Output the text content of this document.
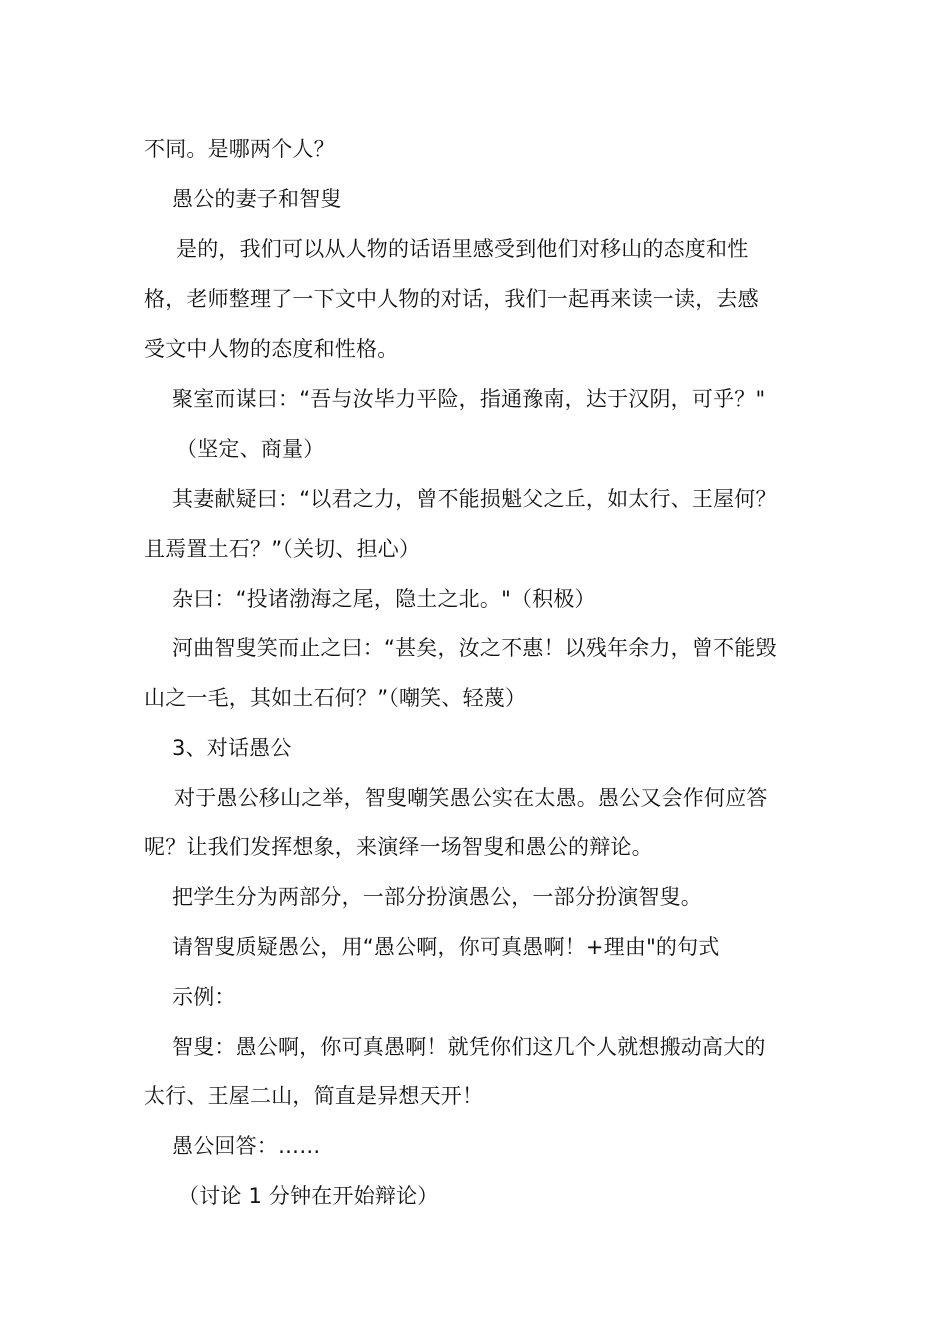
不同。是哪两个人？
愚公的妻子和智叟
是的，我们可以从人物的话语里感受到他们对移山的态度和性
格，老师整理了一下文中人物的对话，我们一起再来读一读，去感
受文中人物的态度和性格。
聚室而谋曰：“吾与汝毕力平险，指通豫南，达于汉阴，可乎？"
（坚定、商量）
其妻献疑曰：“以君之力，曾不能损魁父之丘，如太行、王屋何？
且焉置土石？”（关切、担心）
杂曰：“投诸渤海之尾，隐土之北。"（积极）
河曲智叟笑而止之曰：“甚矣，汝之不惠！以残年余力，曾不能毁
山之一毛，其如土石何？”（嘲笑、轻蔑）
3、对话愚公
对于愚公移山之举，智叟嘲笑愚公实在太愚。愚公又会作何应答
呢？让我们发挥想象，来演绎一场智叟和愚公的辩论。
把学生分为两部分，一部分扮演愚公，一部分扮演智叟。
请智叟质疑愚公，用“愚公啊，你可真愚啊！+理由"的句式
示例：
智叟：愚公啊，你可真愚啊！就凭你们这几个人就想搬动高大的
太行、王屋二山，简直是异想天开！
愚公回答：……
（讨论 1 分钟在开始辩论）
